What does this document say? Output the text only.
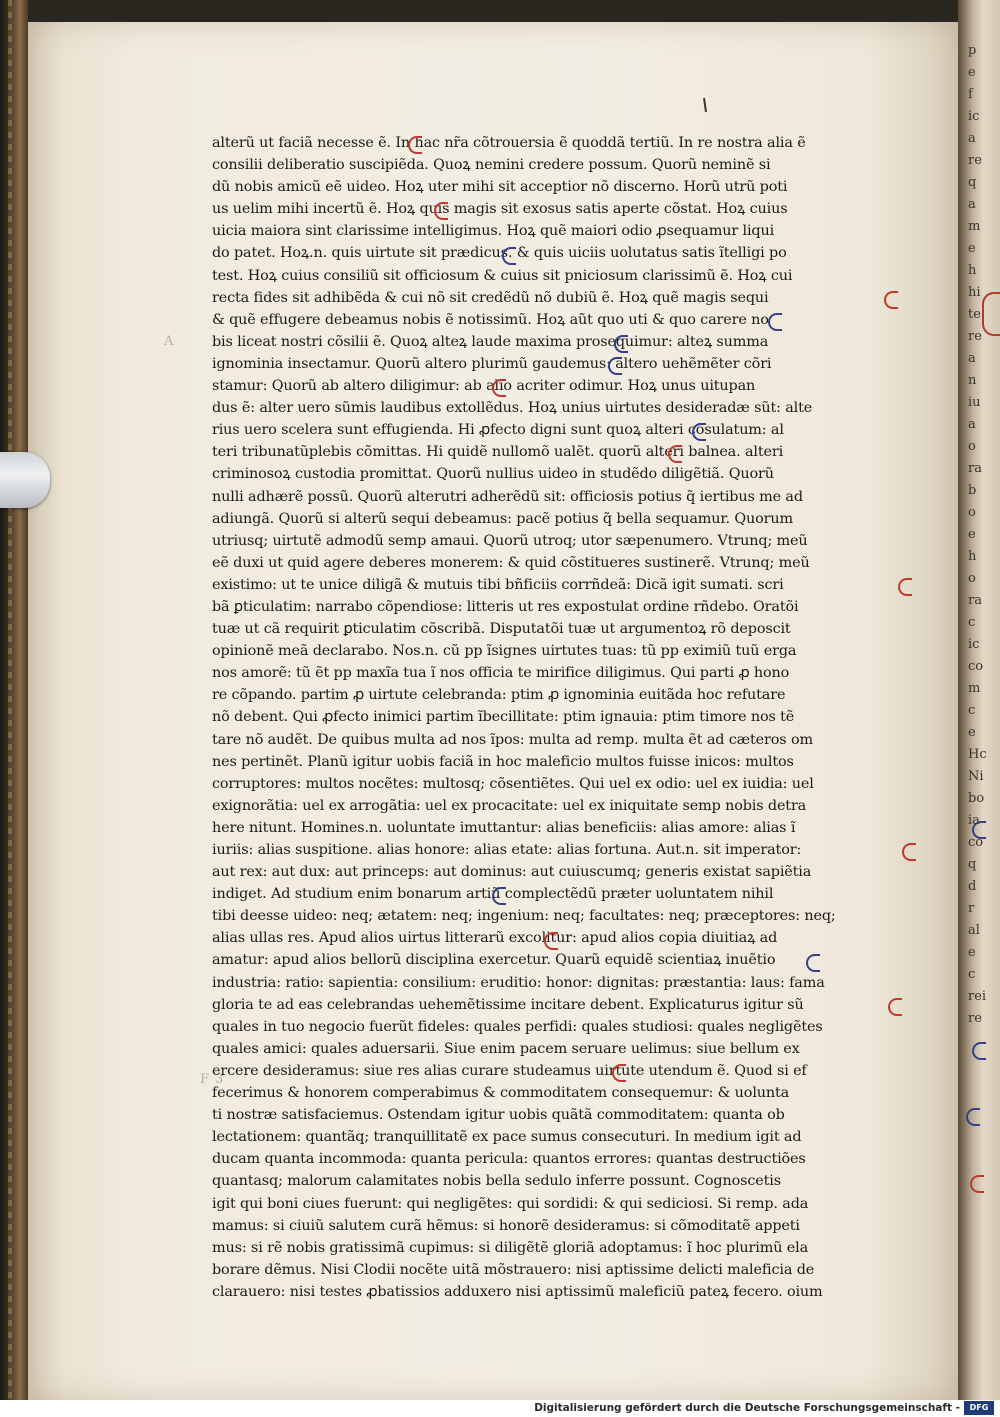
A
F 3
p
e
f
ic
a
re
q
a
m
e
h
hi
te
re
a
n
iu
a
o
ra
b
o
e
h
o
ra
c
ic
co
m
c
e
Hc
Ni
bo
ia
co
q
d
r
al
e
c
rei
re
alterũ ut faciã necesse ẽ. In hac nr̃a cõtrouersia ẽ quoddã tertiũ. In re nostra alia ẽ
consilii deliberatio suscipiẽda. Quoꝝ nemini credere possum. Quorũ neminẽ si
dũ nobis amicũ eẽ uideo. Hoꝝ uter mihi sit acceptior nõ discerno. Horũ utrũ poti
us uelim mihi incertũ ẽ. Hoꝝ quis magis sit exosus satis aperte cõstat. Hoꝝ cuius
uicia maiora sint clarissime intelligimus. Hoꝝ quẽ maiori odio ꝓsequamur liqui
do patet. Hoꝝ.n. quis uirtute sit prædicus. & quis uiciis uolutatus satis ĩtelligi po
test. Hoꝝ cuius consiliũ sit officiosum & cuius sit pniciosum clarissimũ ẽ. Hoꝝ cui
recta fides sit adhibẽda & cui nõ sit credẽdũ nõ dubiũ ẽ. Hoꝝ quẽ magis sequi
& quẽ effugere debeamus nobis ẽ notissimũ. Hoꝝ aũt quo uti & quo carere no
bis liceat nostri cõsilii ẽ. Quoꝝ alteꝝ laude maxima prosequimur: alteꝝ summa
ignominia insectamur. Quorũ altero plurimũ gaudemus: altero uehẽmẽter cõri
stamur: Quorũ ab altero diligimur: ab alio acriter odimur. Hoꝝ unus uitupan
dus ẽ: alter uero sũmis laudibus extollẽdus. Hoꝝ unius uirtutes desideradæ sũt: alte
rius uero scelera sunt effugienda. Hi ꝓfecto digni sunt quoꝝ alteri cõsulatum: al
teri tribunatũplebis cõmittas. Hi quidẽ nullomõ ualẽt. quorũ alteri balnea. alteri
criminosoꝝ custodia promittat. Quorũ nullius uideo in studẽdo diligẽtiã. Quorũ
nulli adhærẽ possũ. Quorũ alterutri adherẽdũ sit: officiosis potius q̃ iertibus me ad
adiungã. Quorũ si alterũ sequi debeamus: pacẽ potius q̃ bella sequamur. Quorum
utriusq; uirtutẽ admodũ semp amaui. Quorũ utroq; utor sæpenumero. Vtrunq; meũ
eẽ duxi ut quid agere deberes monerem: & quid cõstitueres sustinerẽ. Vtrunq; meũ
existimo: ut te unice diligã & mutuis tibi bñficiis corrñdeã: Dicã igit sumati. scri
bã ꝑticulatim: narrabo cõpendiose: litteris ut res expostulat ordine rñdebo. Oratõi
tuæ ut cã requirit ꝑticulatim cõscribã. Disputatõi tuæ ut argumentoꝝ rõ deposcit
opinionẽ meã declarabo. Nos.n. cũ pp ĩsignes uirtutes tuas: tũ pp eximiũ tuũ erga
nos amorẽ: tũ ẽt pp maxĩa tua ĩ nos officia te mirifice diligimus. Qui parti ꝓ hono
re cõpando. partim ꝓ uirtute celebranda: ptim ꝓ ignominia euitãda hoc refutare
nõ debent. Qui ꝓfecto inimici partim ĩbecillitate: ptim ignauia: ptim timore nos tẽ
tare nõ audẽt. De quibus multa ad nos ĩpos: multa ad remp. multa ẽt ad cæteros om
nes pertinẽt. Planũ igitur uobis faciã in hoc maleficio multos fuisse inicos: multos
corruptores: multos nocẽtes: multosq; cõsentiẽtes. Qui uel ex odio: uel ex iuidia: uel
exignorãtia: uel ex arrogãtia: uel ex procacitate: uel ex iniquitate semp nobis detra
here nitunt. Homines.n. uoluntate imuttantur: alias beneficiis: alias amore: alias ĩ
iuriis: alias suspitione. alias honore: alias etate: alias fortuna. Aut.n. sit imperator:
aut rex: aut dux: aut princeps: aut dominus: aut cuiuscumq; generis existat sapiẽtia
indiget. Ad studium enim bonarum artiũ complectẽdũ præter uoluntatem nihil
tibi deesse uideo: neq; ætatem: neq; ingenium: neq; facultates: neq; præceptores: neq;
alias ullas res. Apud alios uirtus litterarũ excolitur: apud alios copia diuitiaꝝ ad
amatur: apud alios bellorũ disciplina exercetur. Quarũ equidẽ scientiaꝝ inuẽtio
industria: ratio: sapientia: consilium: eruditio: honor: dignitas: præstantia: laus: fama
gloria te ad eas celebrandas uehemẽtissime incitare debent. Explicaturus igitur sũ
quales in tuo negocio fuerũt fideles: quales perfidi: quales studiosi: quales negligẽtes
quales amici: quales aduersarii. Siue enim pacem seruare uelimus: siue bellum ex
ercere desideramus: siue res alias curare studeamus uirtute utendum ẽ. Quod si ef
fecerimus & honorem comperabimus & commoditatem consequemur: & uolunta
ti nostræ satisfaciemus. Ostendam igitur uobis quãtã commoditatem: quanta ob
lectationem: quantãq; tranquillitatẽ ex pace sumus consecuturi. In medium igit ad
ducam quanta incommoda: quanta pericula: quantos errores: quantas destructiões
quantasq; malorum calamitates nobis bella sedulo inferre possunt. Cognoscetis
igit qui boni ciues fuerunt: qui negligẽtes: qui sordidi: & qui sediciosi. Si remp. ada
mamus: si ciuiũ salutem curã hẽmus: si honorẽ desideramus: si cõmoditatẽ appeti
mus: si rẽ nobis gratissimã cupimus: si diligẽtẽ gloriã adoptamus: ĩ hoc plurimũ ela
borare dẽmus. Nisi Clodii nocẽte uitã mõstrauero: nisi aptissime delicti maleficia de
clarauero: nisi testes ꝓbatissios adduxero nisi aptissimũ maleficiũ pateꝝ fecero. oium
Digitalisierung gefördert durch die Deutsche Forschungsgemeinschaft -	DFG
